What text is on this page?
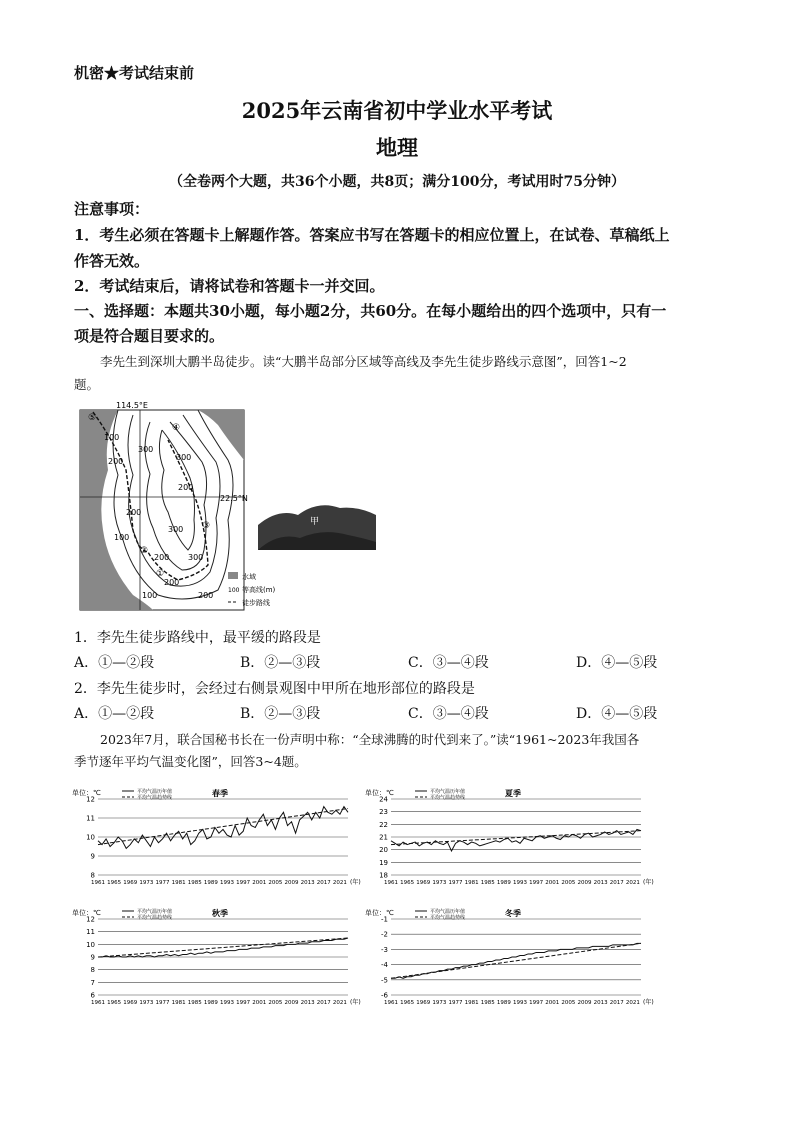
机密★考试结束前
2025年云南省初中学业水平考试
地理
（全卷两个大题，共36个小题，共8页；满分100分，考试用时75分钟）
注意事项：
1．考生必须在答题卡上解题作答。答案应书写在答题卡的相应位置上，在试卷、草稿纸上
作答无效。
2．考试结束后，请将试卷和答题卡一并交回。
一、选择题：本题共30小题，每小题2分，共60分。在每小题给出的四个选项中，只有一
项是符合题目要求的。
李先生到深圳大鹏半岛徒步。读“大鹏半岛部分区域等高线及李先生徒步路线示意图”，回答1~2
题。
114.5°E
22.5°N
100
200
300
200
100
200
300
300
200
300
200
100	200
⑤
④
③
②
①	水域
100 等高线(m)
徒步路线
甲
1．李先生徒步路线中，最平缓的路段是
A．①—②段	B．②—③段	C．③—④段	D．④—⑤段
2．李先生徒步时，会经过右侧景观图中甲所在地形部位的路段是
A．①—②段	B．②—③段	C．③—④段	D．④—⑤段
2023年7月，联合国秘书长在一份声明中称：“全球沸腾的时代到来了。”读“1961~2023年我国各
季节逐年平均气温变化图”，回答3~4题。
单位：℃	春季
平均气温历年值
平均气温趋势线
8
9
10
11
12
1961 1965 1969 1973 1977 1981 1985 1989 1993 1997 2001 2005 2009 2013 2017 2021 (年)
单位：℃	夏季
平均气温历年值
平均气温趋势线
18
19
20
21
22
23
24
1961 1965 1969 1973 1977 1981 1985 1989 1993 1997 2001 2005 2009 2013 2017 2021 (年)
单位：℃	秋季
平均气温历年值
平均气温趋势线
6
7
8
9
10
11
12
1961 1965 1969 1973 1977 1981 1985 1989 1993 1997 2001 2005 2009 2013 2017 2021 (年)
单位：℃	冬季
平均气温历年值
平均气温趋势线
-6
-5
-4
-3
-2
-1
1961 1965 1969 1973 1977 1981 1985 1989 1993 1997 2001 2005 2009 2013 2017 2021 (年)
